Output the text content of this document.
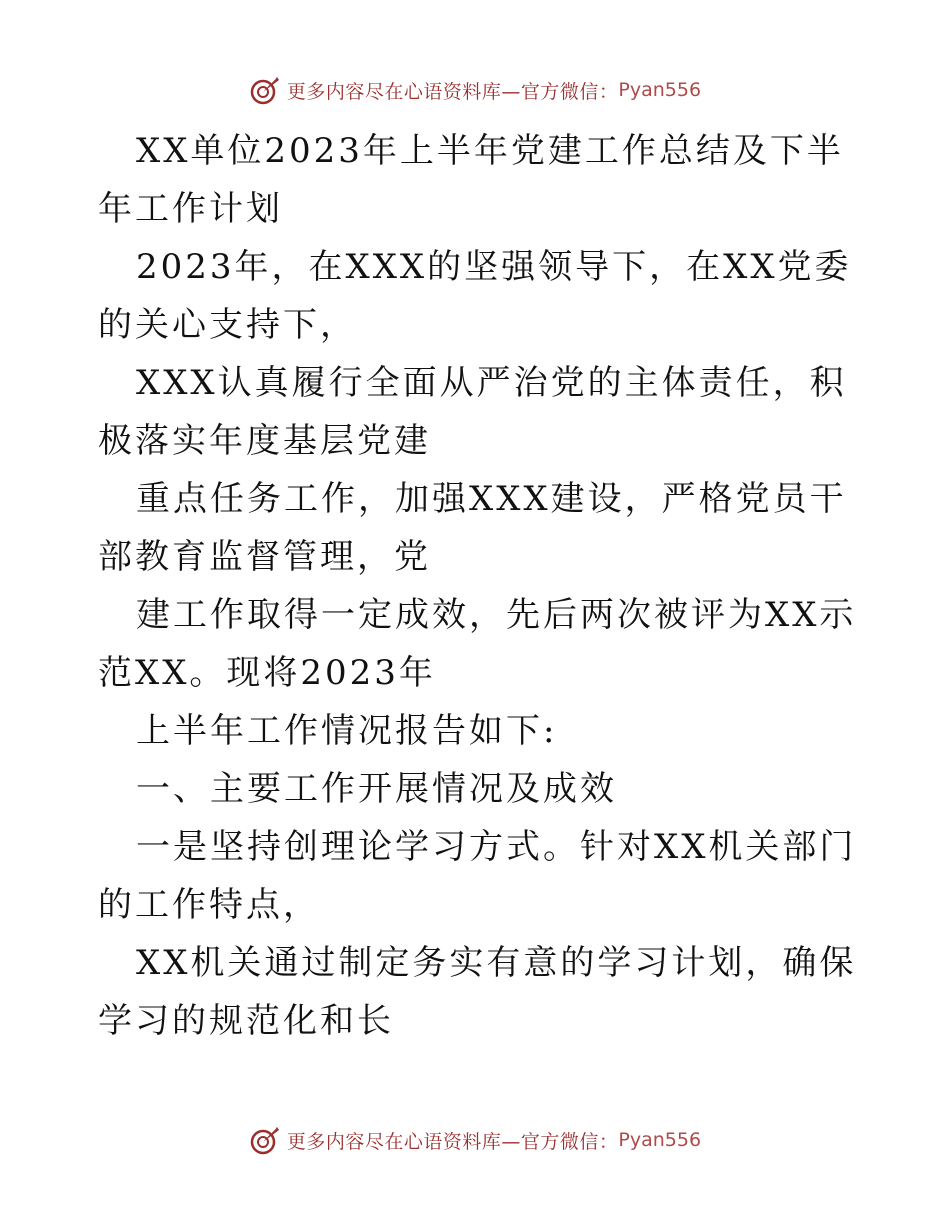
更多内容尽在心语资料库—官方微信： Pyan556

XX单位2023年上半年党建工作总结及下半年工作计划

2023年，在XXX的坚强领导下，在XX党委的关心支持下，

XXX认真履行全面从严治党的主体责任，积极落实年度基层党建

重点任务工作，加强XXX建设，严格党员干部教育监督管理，党

建工作取得一定成效，先后两次被评为XX示范XX。现将2023年

上半年工作情况报告如下:

一、主要工作开展情况及成效

一是坚持创理论学习方式。针对XX机关部门的工作特点，

XX机关通过制定务实有意的学习计划，确保学习的规范化和长

更多内容尽在心语资料库—官方微信： Pyan556
